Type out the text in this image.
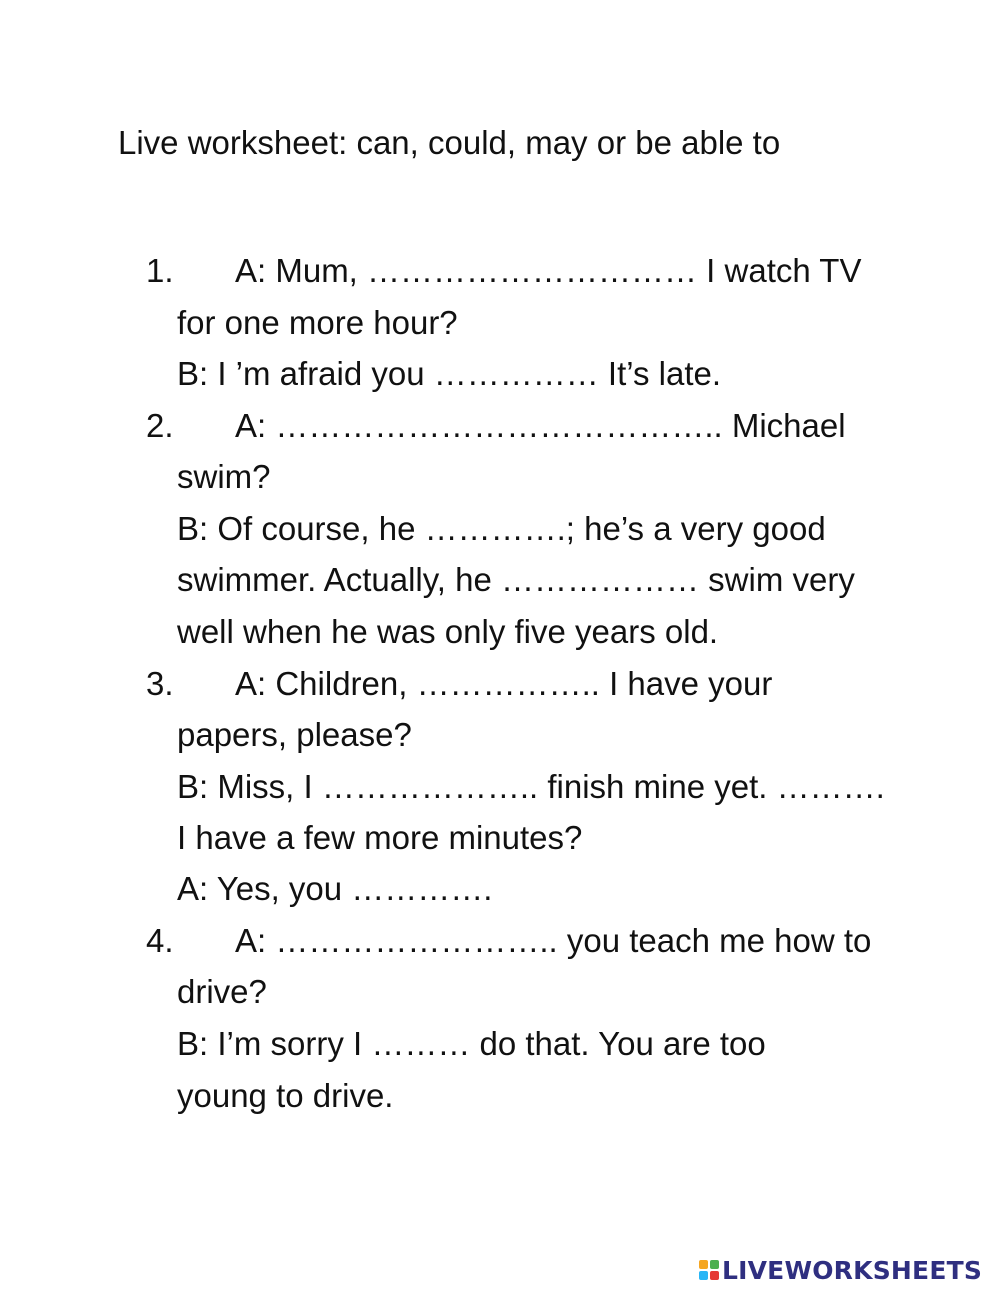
Live worksheet: can, could, may or be able to
1.	A: Mum, ………………………… I watch TV
for one more hour?
B: I ’m afraid you …………… It’s late.
2.	A: ………………………………….. Michael
swim?
B: Of course, he ………….; he’s a very good
swimmer. Actually, he ……………… swim very
well when he was only five years old.
3.	A: Children, …………….. I have your
papers, please?
B: Miss, I ……………….. finish mine yet. ……….
I have a few more minutes?
A: Yes, you ………….
4.	A: …………………….. you teach me how to
drive?
B: I’m sorry I ……… do that. You are too
young to drive.
LIVEWORKSHEETS
